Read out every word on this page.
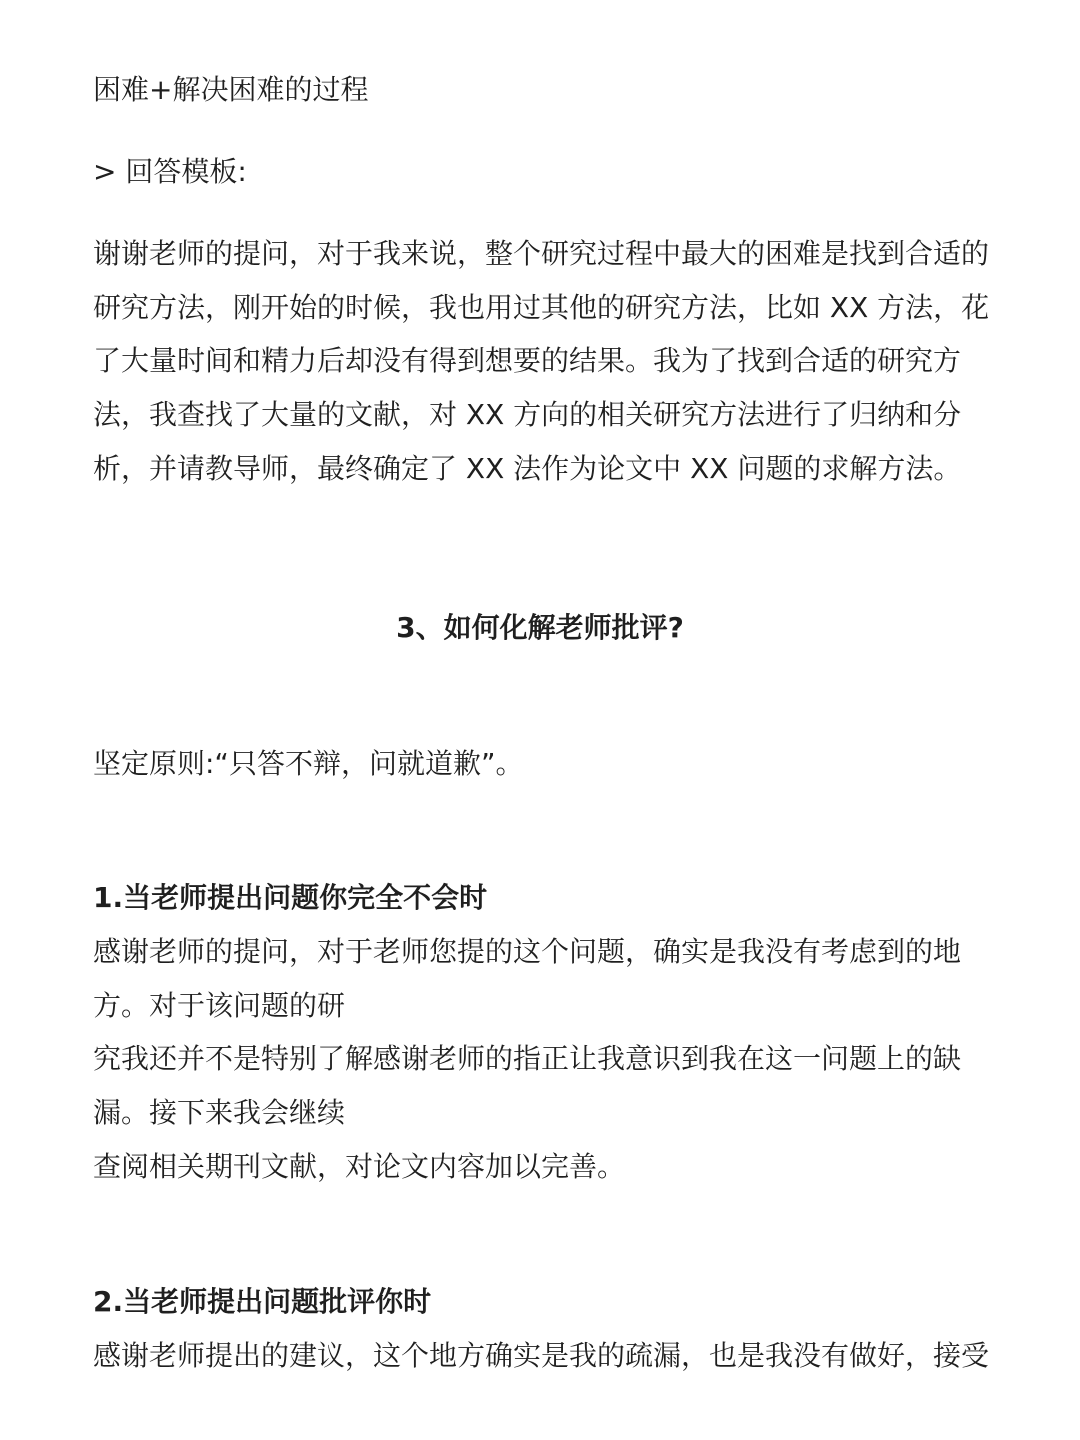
困难+解决困难的过程

> 回答模板:

谢谢老师的提问，对于我来说，整个研究过程中最大的困难是找到合适的

研究方法，刚开始的时候，我也用过其他的研究方法，比如 XX 方法，花

了大量时间和精力后却没有得到想要的结果。我为了找到合适的研究方

法，我查找了大量的文献，对 XX 方向的相关研究方法进行了归纳和分

析，并请教导师，最终确定了 XX 法作为论文中 XX 问题的求解方法。

3、如何化解老师批评?

坚定原则:“只答不辩，问就道歉”。

1.当老师提出问题你完全不会时

感谢老师的提问，对于老师您提的这个问题，确实是我没有考虑到的地

方。对于该问题的研

究我还并不是特别了解感谢老师的指正让我意识到我在这一问题上的缺

漏。接下来我会继续

查阅相关期刊文献，对论文内容加以完善。

2.当老师提出问题批评你时

感谢老师提出的建议，这个地方确实是我的疏漏，也是我没有做好，接受
